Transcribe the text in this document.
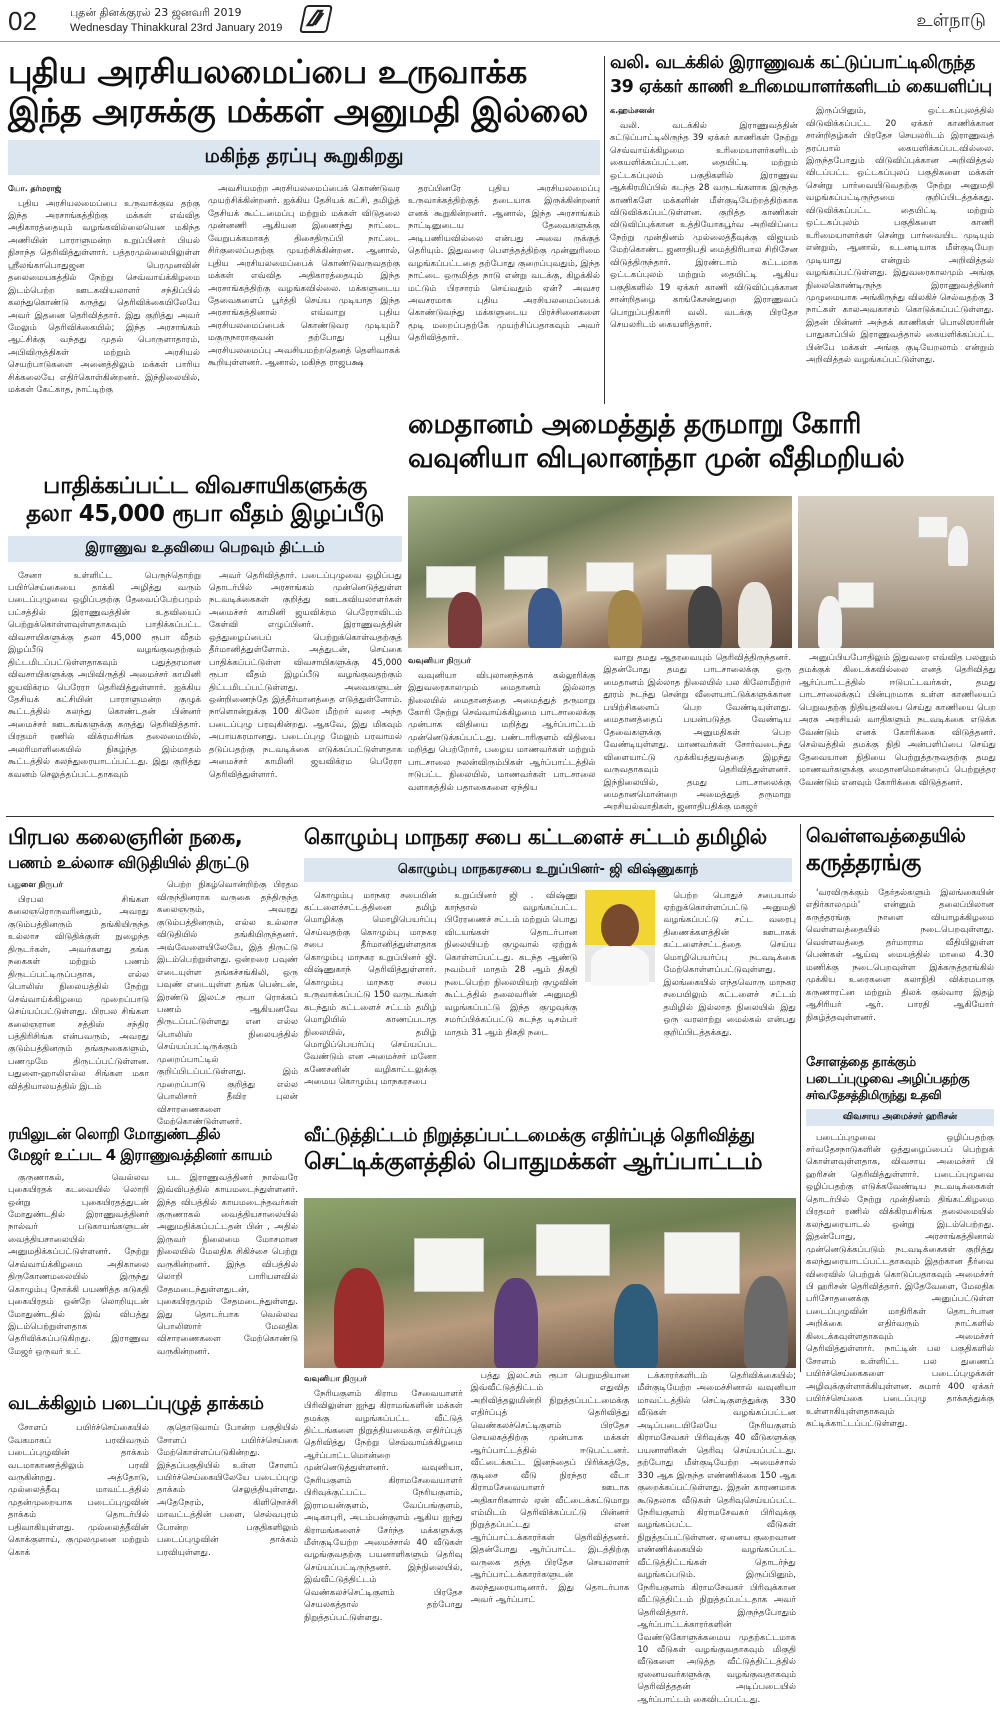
02	புதன் தினக்குரல் 23 ஜனவரி 2019
Wednesday Thinakkural 23rd January 2019	உள்நாடு
புதிய அரசியலமைப்பை உருவாக்க
இந்த அரசுக்கு மக்கள் அனுமதி இல்லை
மகிந்த தரப்பு கூறுகிறது
யோ. தர்மராஜ்

புதிய அரசியலமைப்பை உருவாக்குவ தற்கு இந்த அரசாங்கத்திற்கு மக்கள் எவ்வித அதிகாரத்தையும் வழங்கவில்லையென மகிந்த அணியின் பாராளுமன்ற உறுப்பினர் பியல் நிசாந்த தெரிவித்துள்ளார். பத்தரமுல்லையிலுள்ள ஸ்ரீலங்காபொதுஜன பெரமுனவின் தலைமையகத்தில் நேற்று செவ்வாய்க்கிழமை இடம்பெற்ற ஊடகவியலாளர் சந்திப்பில் கலந்துகொண்டு கருத்து தெரிவிக்கையிலேயே அவர் இதனை தெரிவித்தார். இது குறித்து அவர் மேலும் தெரிவிக்கையில்; இந்த அரசாங்கம் ஆட்சிக்கு வந்தது முதல் பொருளாதாரம், அபிவிருத்திகள் மற்றும் அரசியல் செயற்பாடுகளை அனைத்திலும் மக்கள் பாரிய சிக்கலையே எதிர்கொள்கின்றனர். இந்நிலையில், மக்கள் கேட்காத, நாட்டிற்கு

அவசியமற்ற அரசியலமைப்பைக் கொண்டுவர முயற்சிக்கின்றனர். ஐக்கிய தேசியக் கட்சி, தமிழ்த் தேசியக் கூட்டமைப்பு மற்றும் மக்கள் விடுதலை முன்னணி ஆகியன இணைந்து நாட்டை வேறுபக்கமாகத் திசைதிருப்பி நாட்டை சிர்குலைப்பதற்கு முயற்சிக்கின்றன. ஆனால், புதிய அரசியலமைப்பைக் கொண்டுவருவதற்கு மக்கள் எவ்வித அதிகாரத்தையும் இந்த அரசாங்கத்திற்கு வழங்கவில்லை. மக்களுடைய தேவைகளைப் பூர்த்தி செய்ய முடியாத இந்த அரசாங்கத்தினால் எவ்வாறு புதிய அரசியலமைப்பைக் கொண்டுவர முடியும்? மகுருநாராகுவன் தற்போது புதிய அரசியலமைப்பு அவசியமற்றதெனத் தெளிவாகக் கூறியுள்ளனர். ஆனால், மகிந்த ராஜபக்ஷ

தரப்பினரே புதிய அரசியலமைப்பு உருவாக்கத்திற்குத் தடையாக இருக்கின்றனர் எனக் கூறுகின்றனர். ஆனால், இந்த அரசாங்கம் நாட்டினுடைய தேவைகளுக்கு அடிபணியவில்லை என்பது அவை ருக்குத் தெரியும். இதுவரை பௌத்தத்திற்கு முன்னுரிமை வழங்கப்பட்டதை தற்போது குறைப்புவதும், இந்த நாட்டை ஒருமித்த நாடு என்று வடக்கு, கிழக்கில் மட்டும் பிரசாரம் செய்வதும் ஏன்? அவசர அவசரமாக புதிய அரசியலமைப்பைக் கொண்டுவந்து மக்களுடைய பிரச்சினைகளை மூடி மறைப்பதற்கே முயற்சிப்பதாகவும் அவர் தெரிவித்தார்.

வலி. வடக்கில் இராணுவக் கட்டுப்பாட்டிலிருந்த
39 ஏக்கர் காணி உரிமையாளர்களிடம் கையளிப்பு
க.ஹம்சனன்

வலி. வடக்கில் இராணுவத்தின் கட்டுப்பாட்டிலிருந்த 39 ஏக்கர் காணிகள் நேற்று செவ்வாய்க்கிழமை உரிமையாளர்களிடம் கையளிக்கப்பட்டன. தையிட்டி மற்றும் ஒட்டகப்புலம் பகுதிகளில் இராணுவ ஆக்கிரமிப்பில் கடந்த 28 வருடங்களாக இருந்த காணிகளே மக்களின் மீள்குடியேற்றத்திற்காக விடுவிக்கப்பட்டுள்ளன. குறித்த காணிகள் விடுவிப்புக்கான உத்தியோகபூர்வ அறிவிப்பை நேற்று முன்தினம் முல்லைத்தீவுக்கு விஜயம் மேற்கொண்ட ஜனாதிபதி மைத்திரிபால சிறிசேன விடுத்திருந்தார். இரண்டாம் கட்டமாக ஒட்டகப்புலம் மற்றும் தையிட்டி ஆகிய பகுதிகளில் 19 ஏக்கர் காணி விடுவிப்புக்கான சான்றிதழை காங்கேசன்துறை இராணுவப் பொறுப்பதிகாரி வலி. வடக்கு பிரதேச செயலரிடம் கையளித்தார்.

இருப்பினும், ஒட்டகப்புலத்தில் விடுவிக்கப்பட்ட 20 ஏக்கர் காணிக்கான சான்றிதழ்கள் பிரதேச செயலரிடம் இராணுவத் தரப்பால் கையளிக்கப்படவில்லை. இருந்தபோதும் விடுவிப்புக்கான அறிவித்தல் விடப்பட்ட ஒட்டகப்புலப் பகுதிகளை மக்கள் சென்று பார்வையிடுவதற்கு நேற்று அனுமதி வழங்கப்பட்டிருந்தமை குறிப்பிடத்தக்கது. விடுவிக்கப்பட்ட தையிட்டி மற்றும் ஒட்டகப்புலம் பகுதிகளை காணி உரிமையாளர்கள் சென்று பார்வையிட முடியும் என்றும், ஆனால், உடனடியாக மீள்குடியேற முடியாது என்றும் அறிவித்தல் வழங்கப்பட்டுள்ளது. இதுவரைகாலமும் அங்கு நிலைகொண்டிருந்த இராணுவத்தினர் முழுமையாக அங்கிருந்து விலகிச் செல்வதற்கு 3 நாட்கள் காலஅவகாசம் கொடுக்கப்பட்டுள்ளது. இதன் பின்னர் அந்தக் காணிகள் பொலிஸாரின் பாதுகாப்பில் இராணுவத்தால் கையளிக்கப்பட்ட பின்பே மக்கள் அங்கு குடியேறலாம் என்றும் அறிவித்தல் வழங்கப்பட்டுள்ளது.

மைதானம் அமைத்துத் தருமாறு கோரி
வவுனியா விபுலானந்தா முன் வீதிமறியல்
வவுனியா நிருபர்

வவுனியா விபுலானந்தாக் கல்லூரிக்கு இதுவரைகாலமும் மைதானம் இல்லாத நிலையில் மைதானத்தை அமைத்துத் தருமாறு கோரி நேற்று செவ்வாய்க்கிழமை பாடசாலைக்கு முன்பாக விதியை மறித்து ஆர்ப்பாட்டம் முன்னெடுக்கப்பட்டது. பண்டாரிகுளம் விதியை மறித்து பெற்றோர், பழைய மாணவர்கள் மற்றும் பாடசாலை நலன்விரும்பிகள் ஆர்ப்பாட்டத்தில் ஈடுபட்ட நிலையில், மாணவர்கள் பாடசாலை வளாகத்தில் பதாகைகளை ஏந்திய

வாறு தமது ஆதரவையும் தெரிவித்திருந்தனர். இதன்போது தமது பாடசாலைக்கு ஒரு மைதானம் இல்லாத நிலையில் பல கிலோமீற்றர் தூரம் நடந்து சென்று வீளையாட்டுக்களுக்கான பயிற்சிகளைப் பெற வேண்டியுள்ளது. மைதானத்தைப் பயன்படுத்த வேண்டிய தேவைகளுக்கு அனுமதிகள் பெற வேண்டியுள்ளது. மாணவர்கள் சோர்வடைந்து விளையாட்டு முக்கியத்துவத்தை இழந்து வருவதாகவும் தெரிவித்துள்ளனர். இந்நிலையில், தமது பாடசாலைக்கு மைதானமொன்றை அமைத்துத் தருமாறு அரசியல்வாதிகள், ஜனாதிபதிக்கு மகஜர்

அனுப்பியபோதிலும் இதுவரை எவ்வித பலனும் தமக்குக் கிடைக்கவில்லை எனத் தெரிவித்து ஆர்ப்பாட்டத்தில் ஈடுபட்டவர்கள், தமது பாடசாலைக்குப் பின்புறமாக உள்ள காணியைப் பெறுவதற்கு நிதியுதவியை செய்து காணியை பெற அரசு அரசியல் வாதிகளும் நடவடிக்கை எடுக்க வேண்டும் எனக் கோரிக்கை விடுத்தனர். செல்வத்தில் தமக்கு நிதி அன்பளிப்பை செய்து தேவையான நிதியை பெற்றுத்தருவதற்கு தமது மாணவர்களுக்கு மைதானமொன்றைப் பெற்றுத்தர வேண்டும் எனவும் கோரிக்கை விடுத்தனர்.

பாதிக்கப்பட்ட விவசாயிகளுக்கு
தலா 45,000 ரூபா வீதம் இழப்பீடு
இராணுவ உதவியை பெறவும் திட்டம்

சேனா உள்ளிட்ட பெருந்தொற்று பயிர்செய்கையை தாக்கி அழித்து வரும் படைப்புழுவை ஒழிப்பதற்கு தேவைப்பேற்பமும் பட்சத்தில் இராணுவத்தின் உதவியைப் பெற்றுக்கொள்ளவுள்ளதாகவும் பாதிக்கப்பட்ட விவசாயிகளுக்கு தலா 45,000 ரூபா வீதம் இழப்பீடு வழங்குவதற்கும் திட்டமிடப்பட்டுள்ளதாகவும் பதுத்தரமான விவசாயிகளுக்கு அபிவிருத்தி அமைச்சர் காமினி ஜயவிக்ரம பெரேரா தெரிவித்துள்ளார். ஐக்கிய தேசியக் கட்சியின் பாராளுமன்ற குழுக் கூட்டத்தில் கலந்து கொண்டதன் பின்னர் அமைச்சர் ஊடகங்களுக்கு கருத்து தெரிவித்தார். பிரதமர் ரணில் விக்ரமசிங்க தலைமையில், அலரிமாளிகையில் நிகழ்ந்த இம்மாதம் கூட்டத்தில் கலந்துரையாடப்பட்டது. இது குறித்து கவனம் செலுத்தப்பட்டதாகவும்

அவர் தெரிவித்தார். படைப்புழுவை ஒழிப்பது தொடர்பில் அரசாங்கம் முன்னெடுத்துள்ள நடவடிக்கைகள் குறித்து ஊடகவியலாளர்கள் அமைச்சர் காமினி ஜயவிக்ரம பெரேராவிடம் கேள்வி எழுப்பினர். இராணுவத்தின் ஒத்துழைப்பைப் பெற்றுக்கொள்வதற்குத் தீர்மானித்துள்ளோம். அத்துடன், செய்கை பாதிக்கப்பட்டுள்ள விவசாயிகளுக்கு 45,000 ரூபா வீதம் இழப்பீடு வழங்குவதற்கும் திட்டமிடப்பட்டுள்ளது. அவைகளுடன் ஒன்றிணைந்தே இத்தீர்மானத்தை எடுத்துள்ளோம். நாளொன்றுக்கு 100 கிலோ மீற்றர் வரை அந்த படைப்புழு பரவுகின்றது. ஆகவே, இது மிகவும் அபாயகரமானது. படைப்புழு மேலும் பரவாமல் தடுப்பதற்கு நடவடிக்கை எடுக்கப்பட்டுள்ளதாக அமைச்சர் காமினி ஜயவிக்ரம பெரேரா தெரிவித்துள்ளார்.

பிரபல கலைஞரின் நகை,
பணம் உல்லாச விடுதியில் திருட்டு
பதுளை நிருபர்

பிரபல சிங்கள கலைஞரொருவரினதும், அவரது குடும்பத்தினரும் தங்கியிருந்த உல்லாச விடுதிக்குள் நுழைந்த திருடர்கள், அவர்களது தங்க நகைகள் மற்றும் பணம் திருடப்பட்டிருப்பதாக, எல்ல பொலிஸ் நிலையத்தில் நேற்று செவ்வாய்க்கிழமை முறைப்பாடு செய்யப்பட்டுள்ளது. பிரபல சிங்கள கலைஞரான சத்திஸ் சந்திர பத்திரிசிங்க என்பவரும், அவரது குடும்பத்தினரும் தங்கநகைகளும், பணமுமே திருடப்பட்டுள்ளன. பதுளை-ஹாலிஎல்ல சிங்கள மகா வித்தியாலயத்தில் இடம்

பெற்ற நிகழ்வொன்றிற்கு பிரதம விருந்தினராக வருகை தந்திருந்த கலைஞரும், அவரது குடும்பத்தினரும், எல்ல உல்லாச விடுதியில் தங்கியிருந்தனர். அவ்வேளையிலேயே, இத் திருட்டு இடம்பெற்றுள்ளது. ஒன்றரை பவுண் எடையுள்ள தங்கச்சங்கிலி, ஒரு பவுண் எடையுள்ள தங்க பென்டன், இரண்டு இலட்ச ரூபா ரொக்கப் பணம் ஆகியனவே திருடப்பட்டுள்ளது என எல்ல பொலிஸ் நிலையத்தில் செய்யப்பட்டிருக்கும் முறைப்பாட்டில் குறிப்பிடப்பட்டுள்ளது. இம் முறைப்பாடு குறித்து எல்ல பொலிசார் தீவிர புலன் விசாரணைகளை மேற்கொண்டுள்ளனர்.

கொழும்பு மாநகர சபை கட்டளைச் சட்டம் தமிழில்
கொழும்பு மாநகரசபை உறுப்பினர்- ஜி விஷ்ணுகாந்

கொழும்பு மாநகர சபையின் கட்டளைச்சட்டத்தினை தமிழ் மொழிக்கு மொழிபெயர்ப்பு செய்வதற்கு கொழும்பு மாநகர சபை தீர்மானித்துள்ளதாக கொழும்பு மாநகர உறுப்பினர் ஜி. விஷ்ணுகாந் தெரிவித்துள்ளார். கொழும்பு மாநகர சபை உருவாக்கப்பட்டு 150 வருடங்கள் கடந்தும் கட்டளைச் சட்டம் தமிழ் மொழியில் காணப்படாத நிலையில், தமிழ் மொழிப்பெயர்ப்பு செய்யப்பட வேண்டும் என அமைச்சர் மனோ கணேசனின் வழிகாட்டலுக்கு அமைய கொழும்பு மாநகரசபை

உறுப்பினர் ஜி . விஷ்ணு காந்தால் வழங்கப்பட்ட பிரேரணைச் சட்டம் மற்றும் பொது விடயங்கள் தொடர்பான நிலையியற் குழுவால் ஏற்றுக் கொள்ளப்பட்டது. கடந்த ஆண்டு நவம்பர் மாதம் 28 ஆம் திகதி நடைபெற்ற நிலையியற் குழுவின் கூட்டத்தில் தலைவரின் அனுமதி வழங்கப்பட்டு இந்த குழுவுக்கு சமர்ப்பிக்கப்பட்டு கடந்த டிசம்பர் மாதம் 31 ஆம் திகதி நடை

பெற்ற பொதுச் சபையால் ஏற்றுக்கொள்ளப்பட்டு அனுமதி வழங்கப்பட்டு சட்ட வரைபு திணைக்களத்தின் ஊடாகக் கட்டளைச்சட்டத்தை செய்ய மொழிபெயர்ப்பு நடவடிக்கை மேற்கொள்ளப்பட்டுவுள்ளது. இலங்கையில் எந்தவொரு மாநகர சபையிலும் கட்டளைச் சட்டம் தமிழில் இல்லாத நிலையில் இது ஒரு வரலாற்று மைல்கல் என்பது குறிப்பிடத்தக்கது.

வெள்ளவத்தையில்
கருத்தரங்கு

'வரவிருக்கும் தேர்தல்களும் இலங்கையின் எதிர்காலமும்' என்னும் தலைப்பிலான கருத்தரங்கு நாளை வியாழக்கிழமை வெள்ளவத்தையில் நடைபெறவுள்ளது. வெள்ளவத்தை தர்மாராம வீதியிலுள்ள பெண்கள் ஆய்வு மையத்தில் மாலை 4.30 மணிக்கு நடைபெறவுள்ள இக்கருத்தரங்கில் முக்கிய உரைகளை கலாநிதி விக்ரமபாகு கருணாரட்ன மற்றும் திலக் குல்வார இதழ் ஆசிரியர் ஆர். பாரதி ஆகியோர் நிகழ்த்தவுள்ளனர்.

ரயிலுடன் லொறி மோதுண்டதில்
மேஜர் உட்பட 4 இராணுவத்தினர் காயம்

குருணாகல், வெல்லவ புகையிரதக் கடவையில் லொறி ஒன்று புகையிரதத்துடன் மோதுண்டதில் இராணுவத்தினர் நால்வர் படுகாயங்களுடன் வைத்தியசாலையில் அனுமதிக்கப்பட்டுள்ளனர். நேற்று செவ்வாய்க்கிழமை அதிகாலை திருகோணமலையில் இருந்து கொழும்பு நோக்கி பயணித்த கடுகதி புகையிரதம் ஒன்றே லொறியுடன் மோதுண்டதில் இவ் விபத்து இடம்பெற்றுள்ளதாக தெரிவிக்கப்படுகிறது. இராணுவ மேஜர் ஒருவர் உட்

பட இராணுவத்தினர் நால்வரே இவ்விபத்தில் காயமடைந்துள்ளனர். இந்த விபத்தில் காயமடைந்தவர்கள் குருணாகல் வைத்தியசாலையில் அனுமதிக்கப்பட்டதன் பின் , அதில் இருவர் நிலைமை மோசமான நிலையில் மேலதிக சிகிச்சை பெற்று வருகின்றனர். இந்த விபத்தில் லொறி பாரியளவில் சேதமடைந்துள்ளதுடன், புகையிரதமும் சேதமடைந்துள்ளது. இது தொடர்பாக வெல்லவ பொலிஸார் மேலதிக விசாரணைகளை மேற்கொண்டு வருகின்றனர்.

வடக்கிலும் படைப்புழுத் தாக்கம்

சோளப் பயிர்ச்செய்கையில் வேகமாகப் பரவிவரும் படைப்புழுவின் தாக்கம் வடமாகாணத்திலும் பரவி வருகின்றது. அத்தோடு, முல்லைத்தீவு மாவட்டத்தில் முதன்முறையாக படைப்புழுவின் தாக்கம் தொடர்பில் பதிவாகியுள்ளது. முல்லைத்தீவின் கொக்குளாய், குமுலமுனை மற்றும் கொக்

குதொடுவாய் போன்ற பகுதியில் சோளப் பயிர்ச்செய்கை மேற்கொள்ளப்படுகின்றது. இந்தப்பகுதியில் உள்ள சோளப் பயிர்ச்செய்கையிலேயே படைப்புழு தாக்கம் செலுத்தியுள்ளது. அதேநேரம், கிளிநொச்சி மாவட்டத்தின் பளை, செல்வபுரம் போன்ற பகுதிகளிலும் படைப்புழுவின் தாக்கம் பரவியுள்ளது.

வீட்டுத்திட்டம் நிறுத்தப்பட்டமைக்கு எதிர்ப்புத் தெரிவித்து
செட்டிக்குளத்தில் பொதுமக்கள் ஆர்ப்பாட்டம்
வவுனியா நிருபர்

நேரியகுளம் கிராம சேவையாளர் பிரிவிலுள்ள ஐந்து கிராமங்களின் மக்கள் தமக்கு வழங்கப்பட்ட வீட்டுத் திட்டங்களை நிறுத்தியமைக்கு எதிர்ப்புத் தெரிவித்து நேற்று செவ்வாய்க்கிழமை ஆர்ப்பாட்டமொன்றை முன்னெடுத்துள்ளனர். வவுனியா, நேரியகுளம் கிராமசேவையாளர் பிரிவுக்குட்பட்ட நேரியகுளம், இராமயன்குளம், வேப்பங்குளம், அடிகாபுரி, அடம்பன்குளம் ஆகிய ஐந்து கிராமங்களைச் சேர்ந்த மக்களுக்கு மீள்குடியேற்ற அமைச்சால் 40 வீடுகள் வழங்குவதற்கு பயனாளிகளும் தெரிவு செய்யப்பட்டிருந்தனர். இந்நிலையில், இவ்வீட்டுத்திட்டம் வெண்கலச்செட்டிகுளம் பிரதேச செயலகத்தால் தற்போது நிறுத்தப்பட்டுள்ளது.

பத்து இலட்சம் ரூபா பெறுமதியான இவ்வீட்டுத்திட்டம் எதுவித அறிவித்தலுமின்றி நிறுத்தப்பட்டமைக்கு எதிர்ப்புத் தெரிவித்து வெண்கலச்செட்டிகுளம் பிரதேச செயலகத்திற்கு முன்பாக மக்கள் ஆர்ப்பாட்டத்தில் ஈடுபட்டனர். வீட்டைக்கட்ட இனந்தைப் பிரிக்கத்தே, குடிசை வீடு நிரந்தர வீடா கிராமசேவையாளர் ஊடாக அதிகாரிகளால் ஏன் வீட்டைக்கட்டுமாறு எம்மிடம் தெரிவிக்கப்பட்டு பின்னர் நிறுத்தப்பட்டது என ஆர்ப்பாட்டக்காரர்கள் தெரிவித்தனர். இதன்போது ஆர்ப்பாட்ட இடத்திற்கு வருகை தந்த பிரதேச செயலாளர் ஆர்ப்பாட்டக்காரர்களுடன் கலந்துரையாடினார். இது தொடர்பாக அவர் ஆர்ப்பாட்

டக்காரர்களிடம் தெரிவிக்கையில்; மீள்குடியேற்ற அமைச்சினால் வவுனியா மாவட்டத்தில் செட்டிகுளத்துக்கு 330 வீடுகள் வழங்கப்பட்டன அடிப்படையிலேயே நேரியகுளம் கிராமசேவகர் பிரிவுக்கு 40 வீடுகளுக்கு பயனாளிகள் தெரிவு செய்யப்பட்டது. தற்போது மீள்குடியேற்ற அமைச்சால் 330 ஆக இருந்த எண்ணிக்கை 150 ஆக குறைக்கப்பட்டுள்ளது. இதன் காரணமாக கூடுதலாக வீடுகள் தெரிவுசெய்யப்பட்ட நேரியகுளம் கிராமசேவகர் பிரிவுக்கு வழங்கப்பட்ட வீடுகள் நிறுத்தப்பட்டுள்ளன. ஏனைய குறைவான எண்ணிக்கையில் வழங்கப்பட்ட வீட்டுத்திட்டங்கள் தொடர்ந்து வழங்கப்படும். இருப்பினும், நேரியகுளம் கிராமசேவகர் பிரிவுக்கான வீட்டுத்திட்டம் நிறுத்தப்பட்டதாக அவர் தெரிவித்தார். இருந்தபோதும் ஆர்ப்பாட்டக்காரர்களின் வேண்டுகோளுக்கமைய முதற்கட்டமாக 10 வீடுகள் வழங்குவதாகவும் மிகுதி வீடுகளை அடுத்த வீட்டுத்திட்டத்தில் ஏனையவர்களுக்கு வழங்குவதாகவும் தெரிவித்ததன் அடிப்படையில் ஆர்ப்பாட்டம் கைவிடப்பட்டது.

சோளத்தை தாக்கும்
படைப்புழுவை அழிப்பதற்கு
சர்வதேசத்திமிருந்து உதவி
விவசாய அமைச்சர் ஹரிசன்

படைப்புழுவை ஒழிப்பதற்கு சர்வதேசநாடுகளின் ஒத்துழைப்பைப் பெற்றுக் கொள்ளவுள்ளதாக, விவசாய அமைச்சர் பி ஹரிசன் தெரிவித்துள்ளார். படைப்புழுவை ஒழிப்பதற்கு எடுக்கவேண்டிய நடவடிக்கைகள் தொடர்பில் நேற்று முன்தினம் திங்கட்கிழமை பிரதமர் ரணில் விக்கிரமசிங்க தலைமையில் கலந்துரையாடல் ஒன்று இடம்பெற்றது. இதன்போது, அரசாங்கத்தினால் முன்னெடுக்கப்படும் நடவடிக்கைகள் குறித்து கலந்துரையாடப்பட்டதாகவும் இதற்கான தீர்வை விரைவில் பெற்றுக் கொடுப்பதாகவும் அமைச்சர் பி ஹரிசன் தெரிவித்தார். இதேவேளை, மேலதிக பரிசோதனைக்கு அனுப்பட்டுள்ள படைப்புழுவின் மாதிரிகள் தொடர்பான அறிக்கை எதிர்வரும் நாட்களில் கிடைக்கவுள்ளதாகவும் அமைச்சர் தெரிவித்துள்ளார். நாட்டின் பல பகுதிகளில் சோளம் உள்ளிட்ட பல துணைப் பயிர்ச்செய்கைகளை படைப்புழுக்கள் அழிவுக்குள்ளாக்கியுள்ளன. சுமார் 400 ஏக்கர் பயிர்ச்செய்கை படைப்புழு தாக்கத்துக்கு உள்ளாகியுள்ளதாகவும் சுட்டிக்காட்டப்பட்டுள்ளது.
